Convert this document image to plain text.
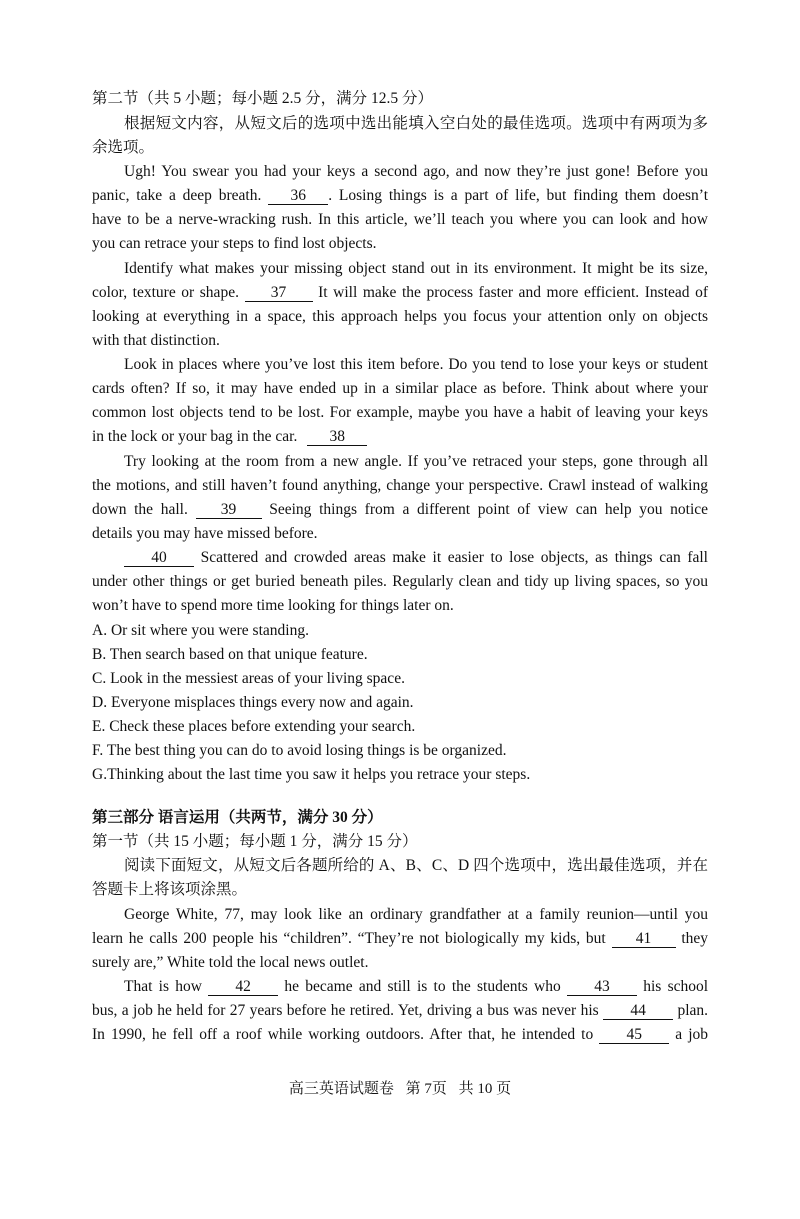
第二节（共 5 小题；每小题 2.5 分，满分 12.5 分）
根据短文内容，从短文后的选项中选出能填入空白处的最佳选项。选项中有两项为多
余选项。
Ugh! You swear you had your keys a second ago, and now they’re just gone! Before you
panic, take a deep breath. 36 . Losing things is a part of life, but finding them doesn’t
have to be a nerve-wracking rush. In this article, we’ll teach you where you can look and how
you can retrace your steps to find lost objects.
Identify what makes your missing object stand out in its environment. It might be its size,
color, texture or shape. 37 It will make the process faster and more efficient. Instead of
looking at everything in a space, this approach helps you focus your attention only on objects
with that distinction.
Look in places where you’ve lost this item before. Do you tend to lose your keys or student
cards often? If so, it may have ended up in a similar place as before. Think about where your
common lost objects tend to be lost. For example, maybe you have a habit of leaving your keys
in the lock or your bag in the car. 38
Try looking at the room from a new angle. If you’ve retraced your steps, gone through all
the motions, and still haven’t found anything, change your perspective. Crawl instead of walking
down the hall. 39 Seeing things from a different point of view can help you notice
details you may have missed before.
40 Scattered and crowded areas make it easier to lose objects, as things can fall
under other things or get buried beneath piles. Regularly clean and tidy up living spaces, so you
won’t have to spend more time looking for things later on.
A. Or sit where you were standing.
B. Then search based on that unique feature.
C. Look in the messiest areas of your living space.
D. Everyone misplaces things every now and again.
E. Check these places before extending your search.
F. The best thing you can do to avoid losing things is be organized.
G.Thinking about the last time you saw it helps you retrace your steps.
第三部分 语言运用（共两节，满分 30 分）
第一节（共 15 小题；每小题 1 分，满分 15 分）
阅读下面短文，从短文后各题所给的 A、B、C、D 四个选项中，选出最佳选项，并在
答题卡上将该项涂黑。
George White, 77, may look like an ordinary grandfather at a family reunion—until you
learn he calls 200 people his “children”. “They’re not biologically my kids, but 41 they
surely are,” White told the local news outlet.
That is how 42 he became and still is to the students who 43 his school
bus, a job he held for 27 years before he retired. Yet, driving a bus was never his 44 plan.
In 1990, he fell off a roof while working outdoors. After that, he intended to 45 a job
高三英语试题卷 第 7页 共 10 页
